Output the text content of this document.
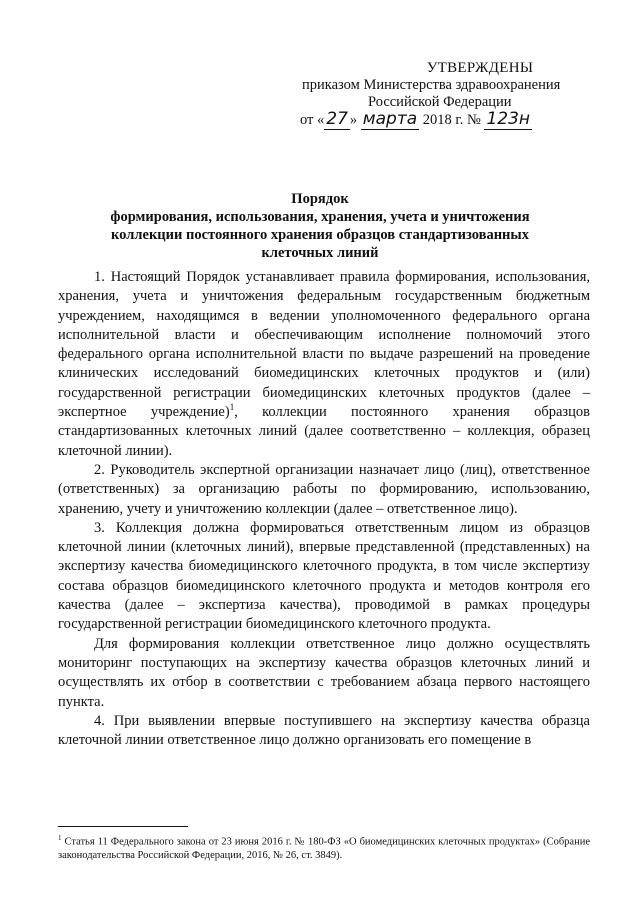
УТВЕРЖДЕНЫ
приказом Министерства здравоохранения
Российской Федерации
от « 27 » марта 2018 г. № 123н
Порядок
формирования, использования, хранения, учета и уничтожения
коллекции постоянного хранения образцов стандартизованных
клеточных линий

1. Настоящий Порядок устанавливает правила формирования, использования, хранения, учета и уничтожения федеральным государственным бюджетным учреждением, находящимся в ведении уполномоченного федерального органа исполнительной власти и обеспечивающим исполнение полномочий этого федерального органа исполнительной власти по выдаче разрешений на проведение клинических исследований биомедицинских клеточных продуктов и (или) государственной регистрации биомедицинских клеточных продуктов (далее – экспертное учреждение)$^1$, коллекции постоянного хранения образцов стандартизованных клеточных линий (далее соответственно – коллекция, образец клеточной линии).

2. Руководитель экспертной организации назначает лицо (лиц), ответственное (ответственных) за организацию работы по формированию, использованию, хранению, учету и уничтожению коллекции (далее – ответственное лицо).

3. Коллекция должна формироваться ответственным лицом из образцов клеточной линии (клеточных линий), впервые представленной (представленных) на экспертизу качества биомедицинского клеточного продукта, в том числе экспертизу состава образцов биомедицинского клеточного продукта и методов контроля его качества (далее – экспертиза качества), проводимой в рамках процедуры государственной регистрации биомедицинского клеточного продукта.

Для формирования коллекции ответственное лицо должно осуществлять мониторинг поступающих на экспертизу качества образцов клеточных линий и осуществлять их отбор в соответствии с требованием абзаца первого настоящего пункта.

4. При выявлении впервые поступившего на экспертизу качества образца клеточной линии ответственное лицо должно организовать его помещение в

$^1$ Статья 11 Федерального закона от 23 июня 2016 г. № 180-ФЗ «О биомедицинских клеточных продуктах» (Собрание законодательства Российской Федерации, 2016, № 26, ст. 3849).
